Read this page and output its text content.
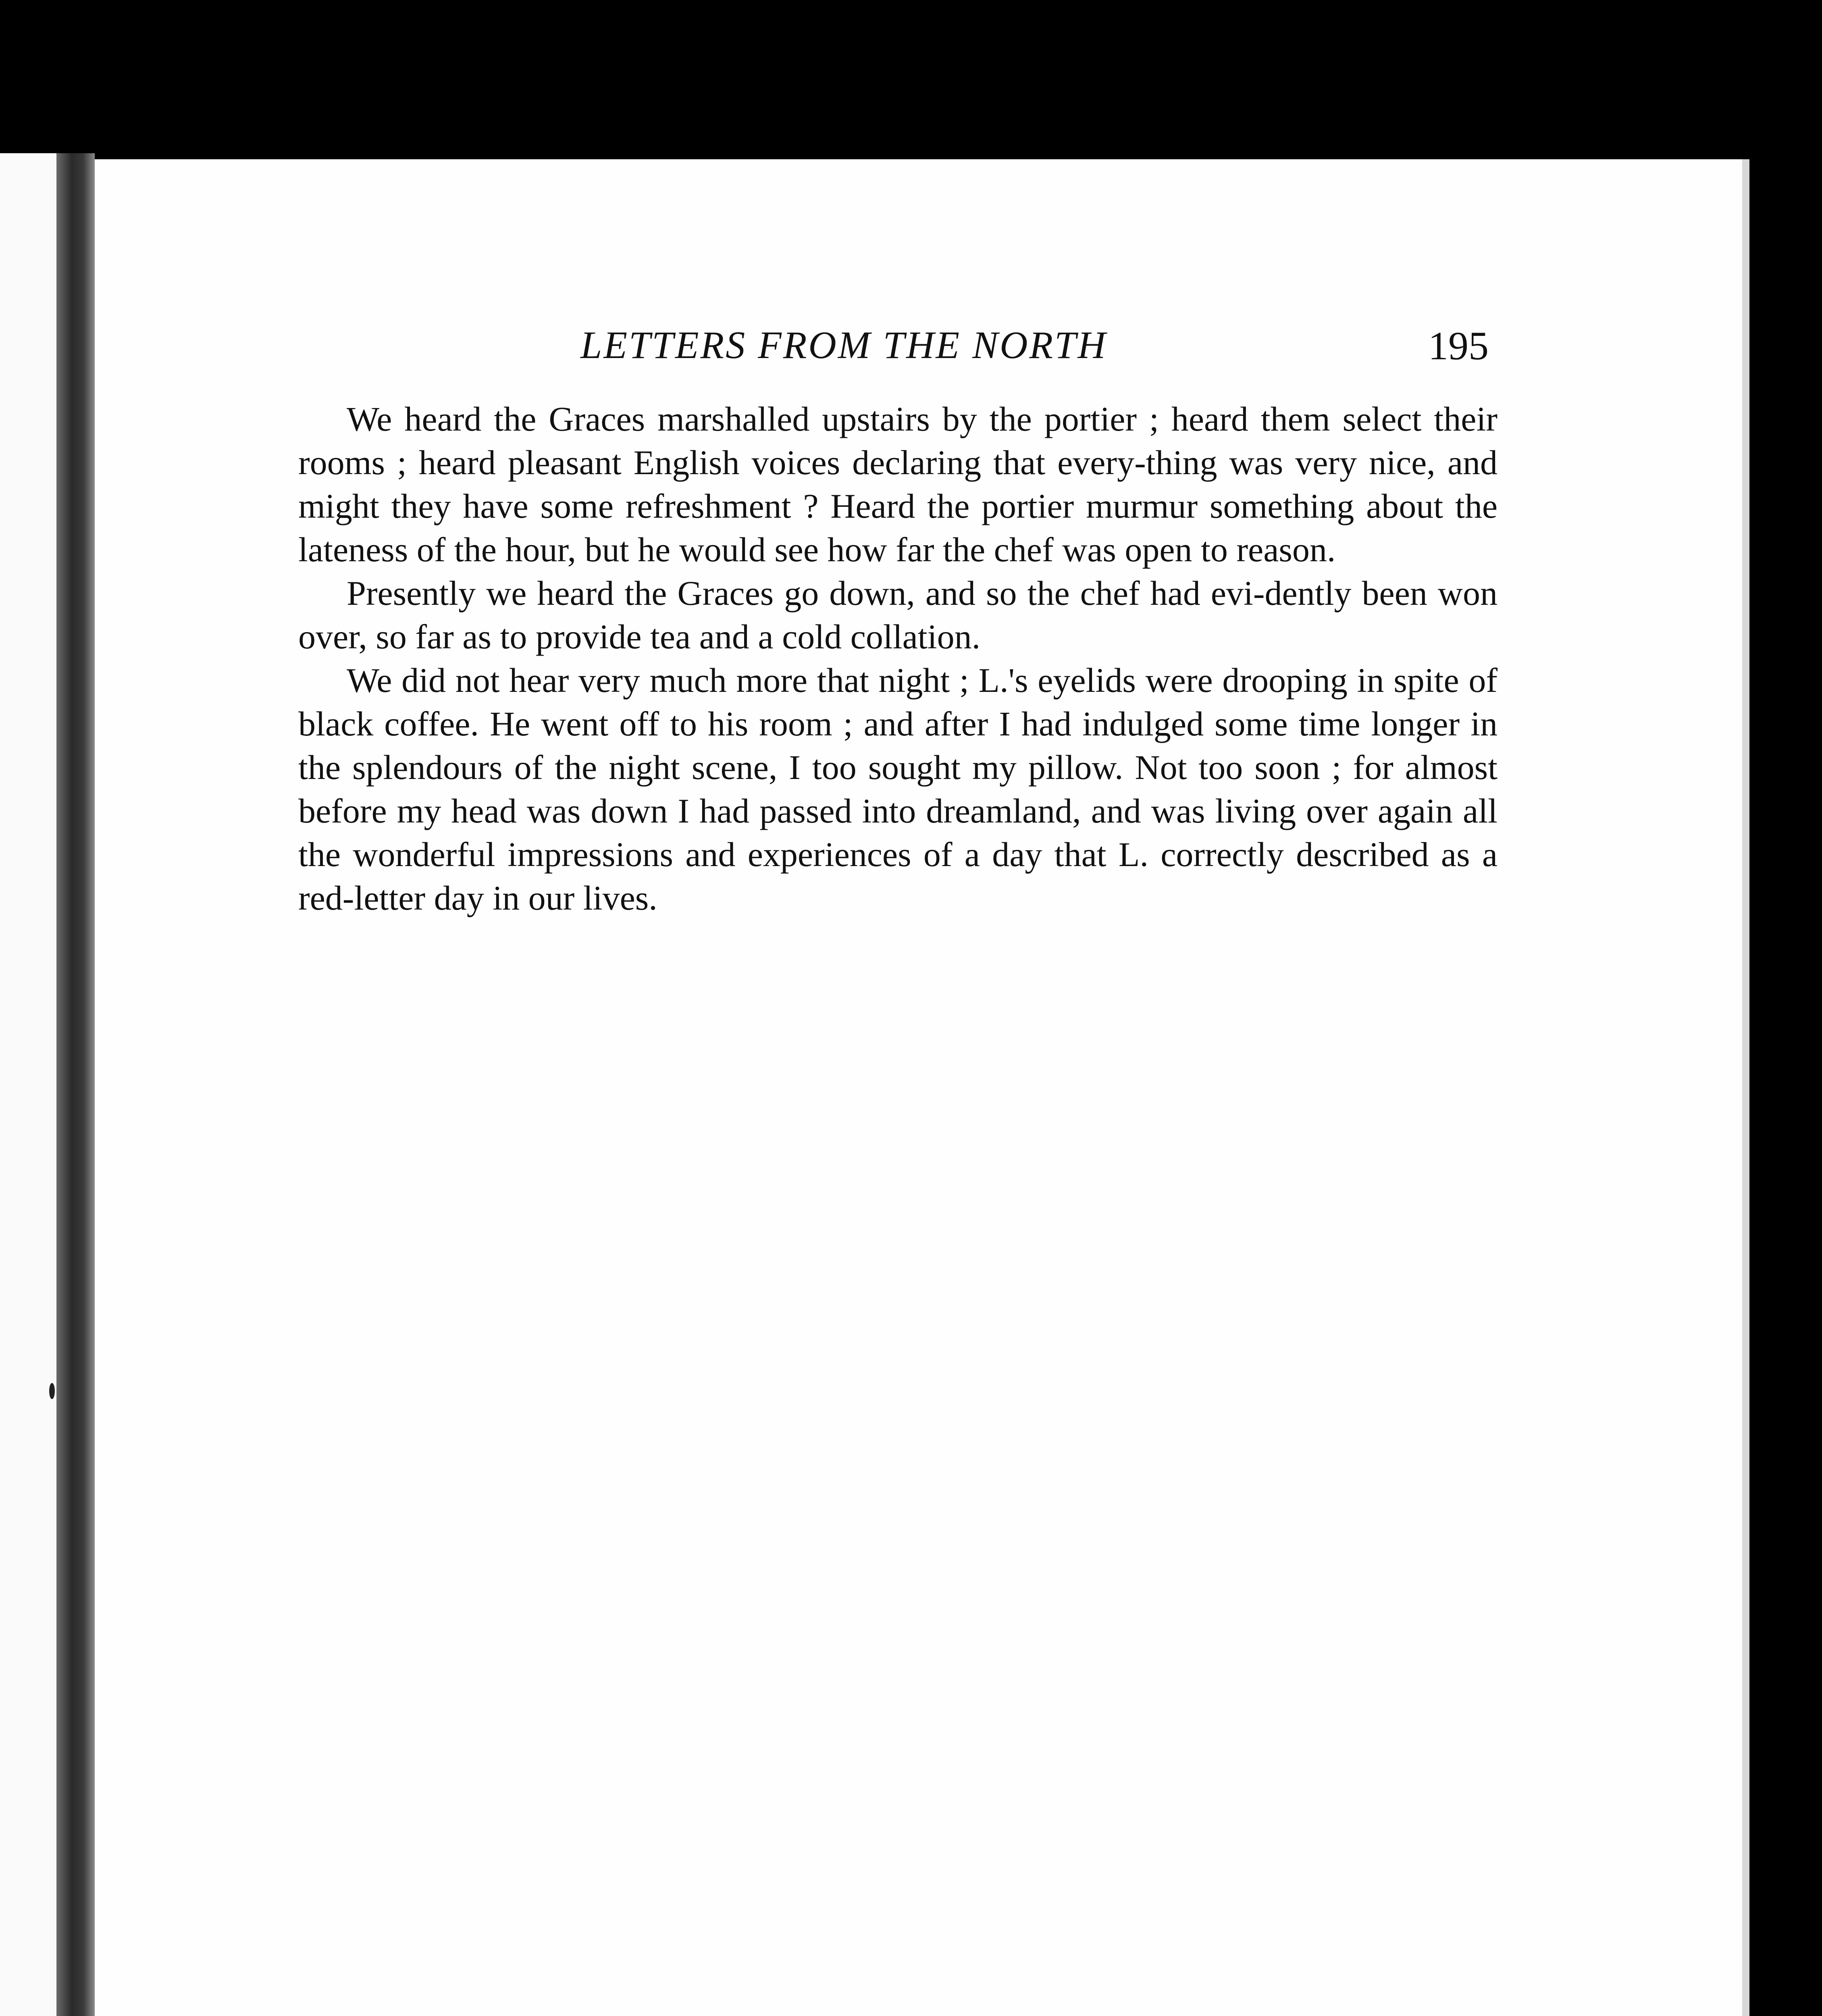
LETTERS FROM THE NORTH	195

We heard the Graces marshalled upstairs by the portier ; heard them select their rooms ; heard pleasant English voices declaring that every-thing was very nice, and might they have some refreshment ? Heard the portier murmur something about the lateness of the hour, but he would see how far the chef was open to reason.

Presently we heard the Graces go down, and so the chef had evi-dently been won over, so far as to provide tea and a cold collation.

We did not hear very much more that night ; L.'s eyelids were drooping in spite of black coffee. He went off to his room ; and after I had indulged some time longer in the splendours of the night scene, I too sought my pillow. Not too soon ; for almost before my head was down I had passed into dreamland, and was living over again all the wonderful impressions and experiences of a day that L. correctly described as a red-letter day in our lives.
